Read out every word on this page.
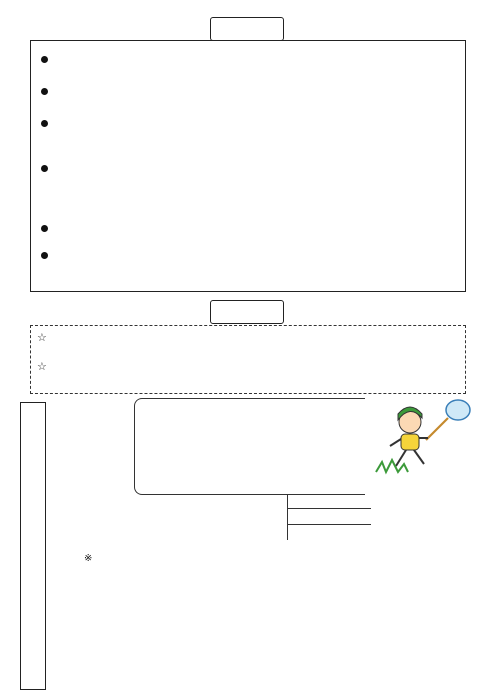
☆
☆
※
